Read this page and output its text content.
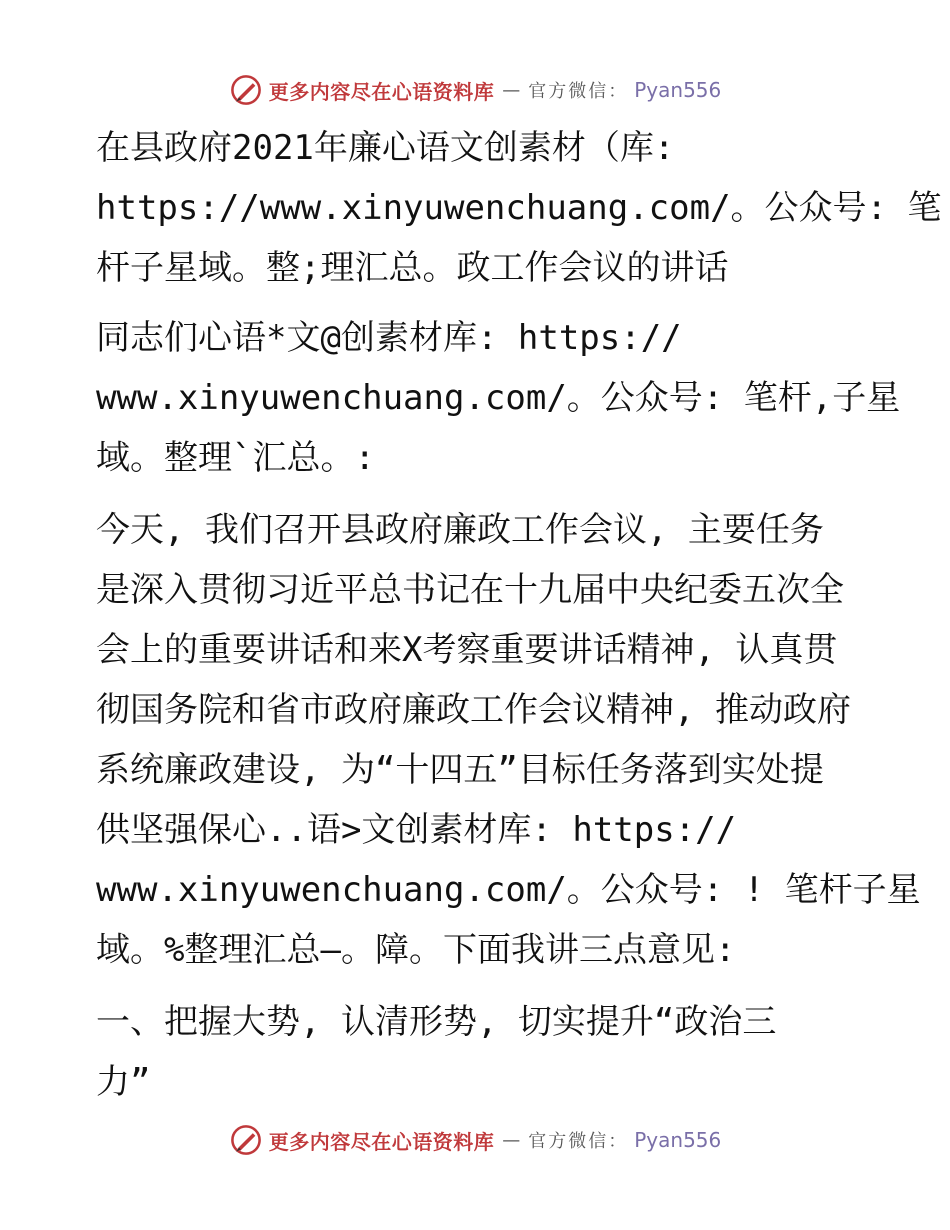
更多内容尽在心语资料库 — 官方微信： Pyan556

在县政府2021年廉心语文创素材（库:
https://www.xinyuwenchuang.com/。公众号: 笔
杆子星域。整;理汇总。政工作会议的讲话

同志们心语*文@创素材库: https://
www.xinyuwenchuang.com/。公众号: 笔杆,子星
域。整理`汇总。:

今天, 我们召开县政府廉政工作会议, 主要任务
是深入贯彻习近平总书记在十九届中央纪委五次全
会上的重要讲话和来X考察重要讲话精神, 认真贯
彻国务院和省市政府廉政工作会议精神, 推动政府
系统廉政建设, 为“十四五”目标任务落到实处提
供坚强保心..语>文创素材库: https://
www.xinyuwenchuang.com/。公众号: ! 笔杆子星
域。%整理汇总—。障。下面我讲三点意见:

一、把握大势, 认清形势, 切实提升“政治三
力”

更多内容尽在心语资料库 — 官方微信： Pyan556
